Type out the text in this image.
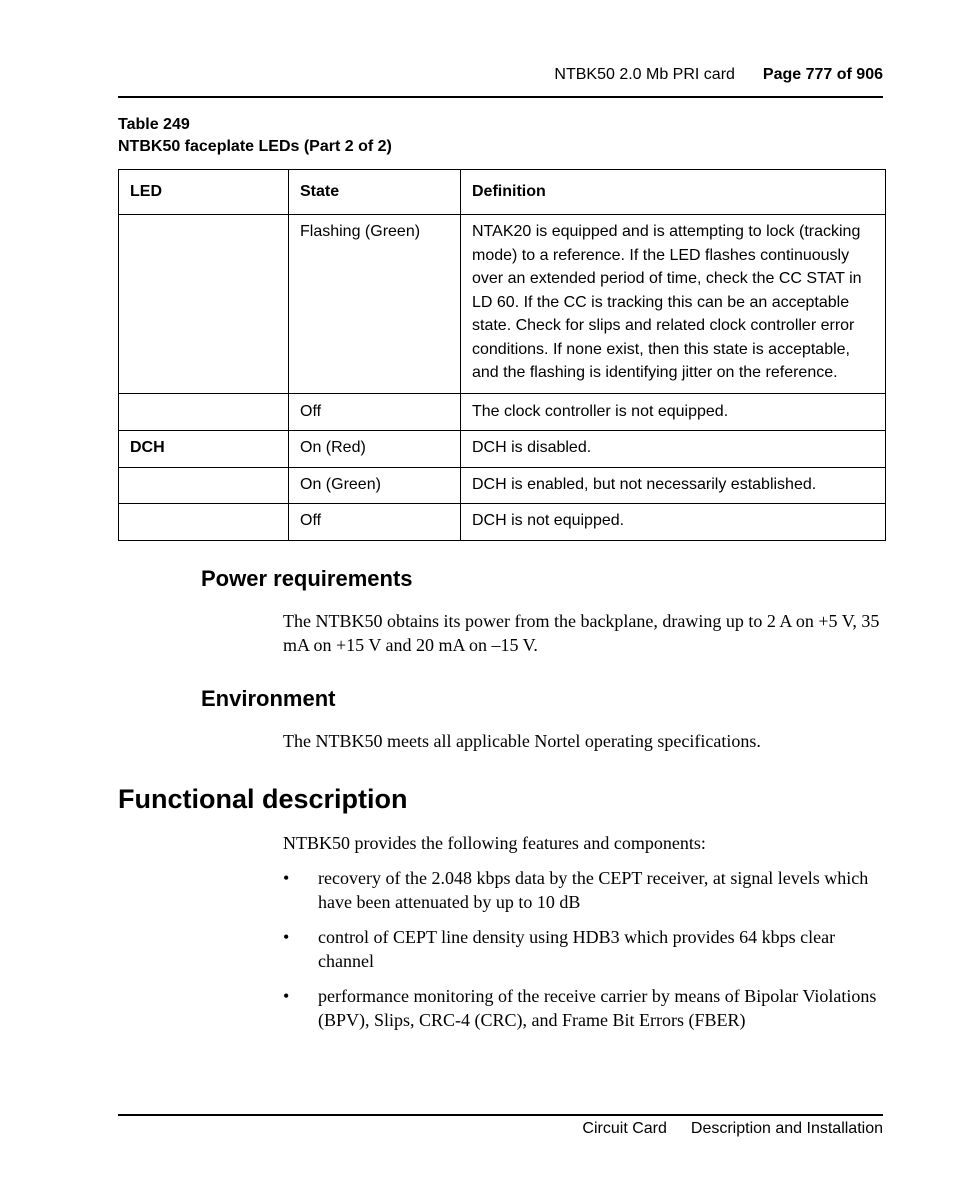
NTBK50 2.0 Mb PRI card Page 777 of 906
Table 249
NTBK50 faceplate LEDs (Part 2 of 2)
LED	State	Definition
	Flashing (Green)	NTAK20 is equipped and is attempting to lock (tracking mode) to a reference. If the LED flashes continuously over an extended period of time, check the CC STAT in LD 60. If the CC is tracking this can be an acceptable state. Check for slips and related clock controller error conditions. If none exist, then this state is acceptable, and the flashing is identifying jitter on the reference.
	Off	The clock controller is not equipped.
DCH	On (Red)	DCH is disabled.
	On (Green)	DCH is enabled, but not necessarily established.
	Off	DCH is not equipped.
Power requirements
The NTBK50 obtains its power from the backplane, drawing up to 2 A on +5 V, 35 mA on +15 V and 20 mA on –15 V.
Environment
The NTBK50 meets all applicable Nortel operating specifications.
Functional description
NTBK50 provides the following features and components:
• recovery of the 2.048 kbps data by the CEPT receiver, at signal levels which have been attenuated by up to 10 dB
• control of CEPT line density using HDB3 which provides 64 kbps clear channel
• performance monitoring of the receive carrier by means of Bipolar Violations (BPV), Slips, CRC-4 (CRC), and Frame Bit Errors (FBER)
Circuit Card Description and Installation
